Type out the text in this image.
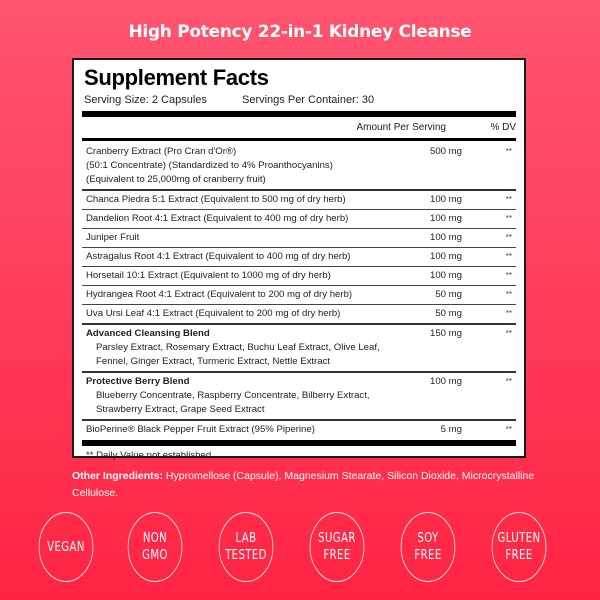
High Potency 22-in-1 Kidney Cleanse
Supplement Facts
Serving Size: 2 Capsules	Servings Per Container: 30
Amount Per Serving	% DV
Cranberry Extract (Pro Cran d'Or®)
(50:1 Concentrate) (Standardized to 4% Proanthocyanins)
(Equivalent to 25,000mg of cranberry fruit)
500 mg	**
Chanca Piedra 5:1 Extract (Equivalent to 500 mg of dry herb)	100 mg	**
Dandelion Root 4:1 Extract (Equivalent to 400 mg of dry herb)	100 mg	**
Juniper Fruit	100 mg	**
Astragalus Root 4:1 Extract (Equivalent to 400 mg of dry herb)	100 mg	**
Horsetail 10:1 Extract (Equivalent to 1000 mg of dry herb)	100 mg	**
Hydrangea Root 4:1 Extract (Equivalent to 200 mg of dry herb)	50 mg	**
Uva Ursi Leaf 4:1 Extract (Equivalent to 200 mg of dry herb)	50 mg	**
Advanced Cleansing Blend
Parsley Extract, Rosemary Extract, Buchu Leaf Extract, Olive Leaf,
Fennel, Ginger Extract, Turmeric Extract, Nettle Extract
150 mg	**
Protective Berry Blend
Blueberry Concentrate, Raspberry Concentrate, Bilberry Extract,
Strawberry Extract, Grape Seed Extract
100 mg	**
BioPerine® Black Pepper Fruit Extract (95% Piperine)	5 mg	**
** Daily Value not established
Other Ingredients: Hypromellose (Capsule), Magnesium Stearate, Silicon Dioxide, Microcrystalline Cellulose.
VEGAN
NON
GMO
LAB
TESTED
SUGAR
FREE
SOY
FREE
GLUTEN
FREE
